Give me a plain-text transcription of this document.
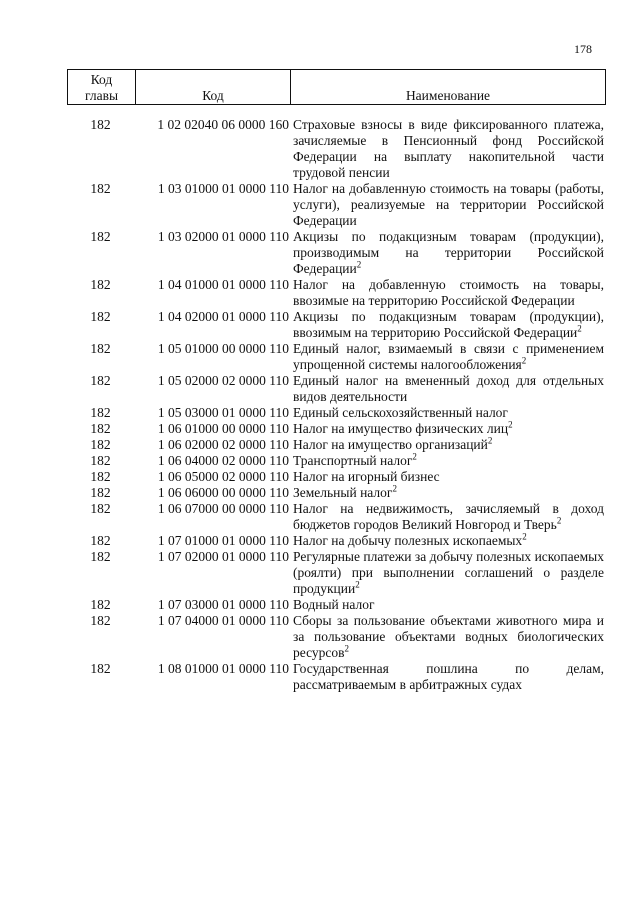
178
Код
главы	Код	Наименование
182	1 02 02040 06 0000 160 Страховые взносы в виде фиксированного платежа, зачисляемые в Пенсионный фонд Российской Федерации на выплату накопительной части трудовой пенсии
182	1 03 01000 01 0000 110 Налог на добавленную стоимость на товары (работы, услуги), реализуемые на территории Российской Федерации
182	1 03 02000 01 0000 110 Акцизы по подакцизным товарам (продукции), производимым на территории Российской Федерации$^2$
182	1 04 01000 01 0000 110 Налог на добавленную стоимость на товары, ввозимые на территорию Российской Федерации
182	1 04 02000 01 0000 110 Акцизы по подакцизным товарам (продукции), ввозимым на территорию Российской Федерации$^2$
182	1 05 01000 00 0000 110 Единый налог, взимаемый в связи с применением упрощенной системы налогообложения$^2$
182	1 05 02000 02 0000 110 Единый налог на вмененный доход для отдельных видов деятельности
182	1 05 03000 01 0000 110 Единый сельскохозяйственный налог
182	1 06 01000 00 0000 110 Налог на имущество физических лиц$^2$
182	1 06 02000 02 0000 110 Налог на имущество организаций$^2$
182	1 06 04000 02 0000 110 Транспортный налог$^2$
182	1 06 05000 02 0000 110 Налог на игорный бизнес
182	1 06 06000 00 0000 110 Земельный налог$^2$
182	1 06 07000 00 0000 110 Налог на недвижимость, зачисляемый в доход бюджетов городов Великий Новгород и Тверь$^2$
182	1 07 01000 01 0000 110 Налог на добычу полезных ископаемых$^2$
182	1 07 02000 01 0000 110 Регулярные платежи за добычу полезных ископаемых (роялти) при выполнении соглашений о разделе продукции$^2$
182	1 07 03000 01 0000 110 Водный налог
182	1 07 04000 01 0000 110 Сборы за пользование объектами животного мира и за пользование объектами водных биологических ресурсов$^2$
182	1 08 01000 01 0000 110 Государственная пошлина по делам, рассматриваемым в арбитражных судах
